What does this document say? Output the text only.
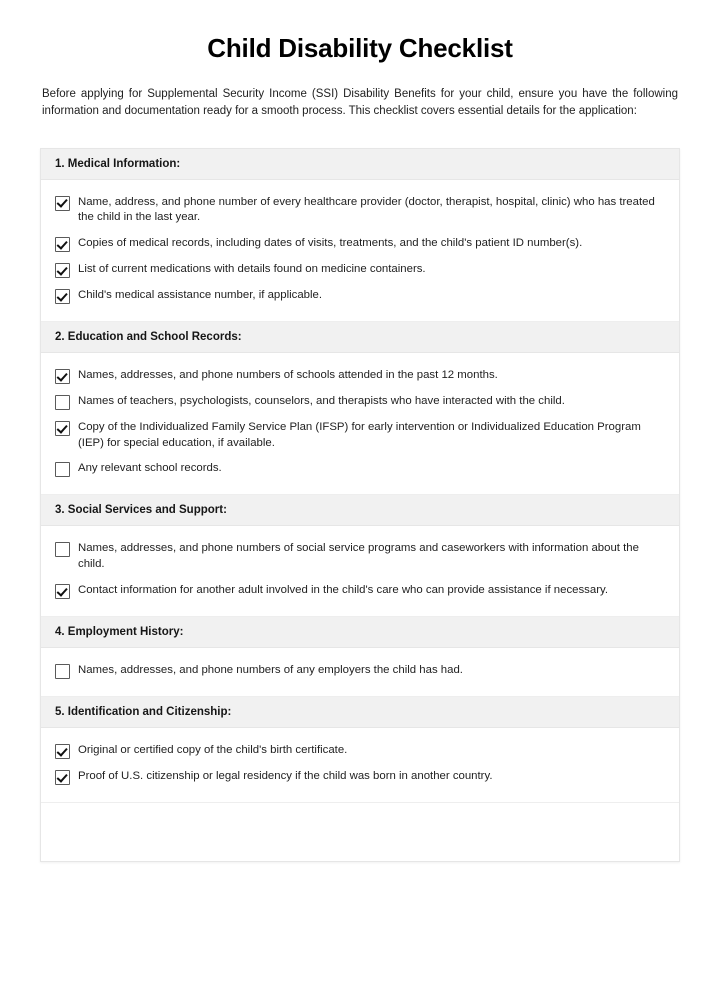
Child Disability Checklist

Before applying for Supplemental Security Income (SSI) Disability Benefits for your child, ensure you have the following information and documentation ready for a smooth process. This checklist covers essential details for the application:

1. Medical Information:
Name, address, and phone number of every healthcare provider (doctor, therapist, hospital, clinic) who has treated the child in the last year.
Copies of medical records, including dates of visits, treatments, and the child's patient ID number(s).
List of current medications with details found on medicine containers.
Child's medical assistance number, if applicable.
2. Education and School Records:
Names, addresses, and phone numbers of schools attended in the past 12 months.
Names of teachers, psychologists, counselors, and therapists who have interacted with the child.
Copy of the Individualized Family Service Plan (IFSP) for early intervention or Individualized Education Program (IEP) for special education, if available.
Any relevant school records.
3. Social Services and Support:
Names, addresses, and phone numbers of social service programs and caseworkers with information about the child.
Contact information for another adult involved in the child's care who can provide assistance if necessary.
4. Employment History:
Names, addresses, and phone numbers of any employers the child has had.
5. Identification and Citizenship:
Original or certified copy of the child's birth certificate.
Proof of U.S. citizenship or legal residency if the child was born in another country.
